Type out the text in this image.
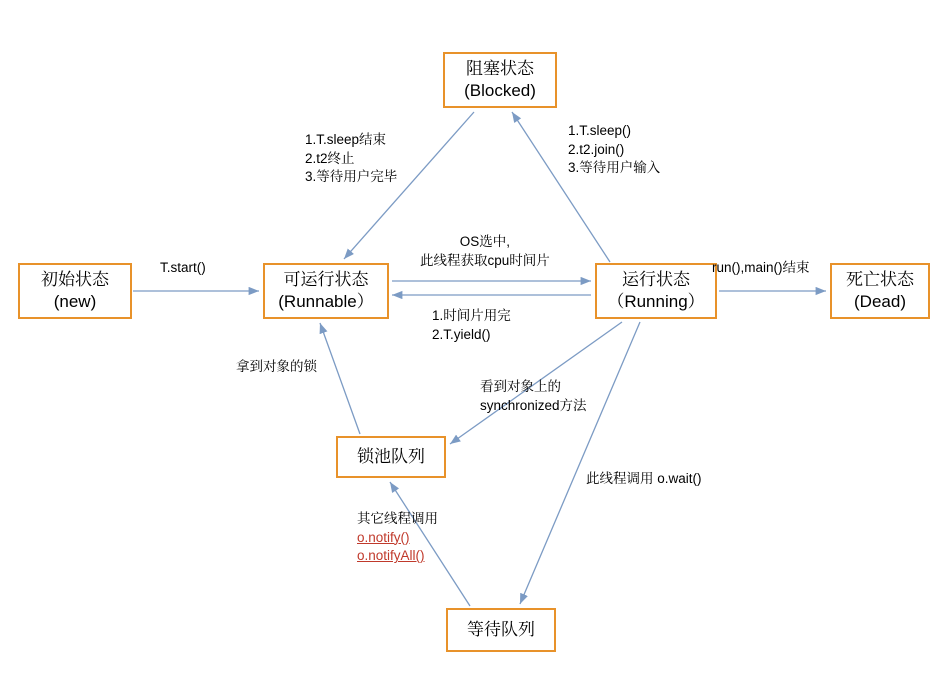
阻塞状态
(Blocked)
初始状态
(new)
可运行状态
(Runnable）
运行状态
（Running）
死亡状态
(Dead)
锁池队列
等待队列
1.T.sleep结束
2.t2终止
3.等待用户完毕
1.T.sleep()
2.t2.join()
3.等待用户输入
OS选中,
此线程获取cpu时间片
1.时间片用完
2.T.yield()
T.start()	run(),main()结束
拿到对象的锁
看到对象上的
synchronized方法
此线程调用 o.wait()
其它线程调用
o.notify()
o.notifyAll()
